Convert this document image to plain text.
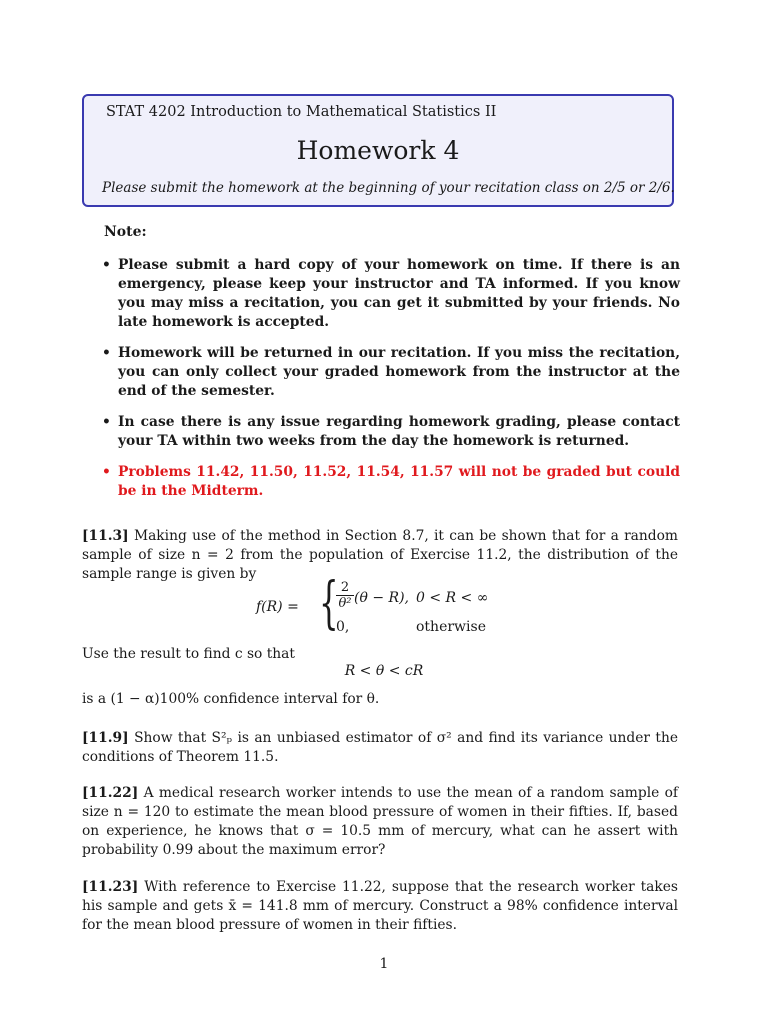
STAT 4202 Introduction to Mathematical Statistics II
Homework 4
Please submit the homework at the beginning of your recitation class on 2/5 or 2/6.
Note:
• Please submit a hard copy of your homework on time. If there is an emergency, please keep your instructor and TA informed. If you know you may miss a recitation, you can get it submitted by your friends. No late homework is accepted.
• Homework will be returned in our recitation. If you miss the recitation, you can only collect your graded homework from the instructor at the end of the semester.
• In case there is any issue regarding homework grading, please contact your TA within two weeks from the day the homework is returned.
• Problems 11.42, 11.50, 11.52, 11.54, 11.57 will not be graded but could be in the Midterm.
[11.3] Making use of the method in Section 8.7, it can be shown that for a random sample of size n = 2 from the population of Exercise 11.2, the distribution of the sample range is given by
f(R) = {
$\frac{2}{\text{θ²}} (\theta - R)$, 0 < R < ∞
0,	otherwise
Use the result to find c so that
R < θ < cR
is a (1 − α)100% confidence interval for θ.
[11.9] Show that S²ₚ is an unbiased estimator of σ² and find its variance under the conditions of Theorem 11.5.
[11.22] A medical research worker intends to use the mean of a random sample of size n = 120 to estimate the mean blood pressure of women in their fifties. If, based on experience, he knows that σ = 10.5 mm of mercury, what can he assert with probability 0.99 about the maximum error?
[11.23] With reference to Exercise 11.22, suppose that the research worker takes his sample and gets x̄ = 141.8 mm of mercury. Construct a 98% confidence interval for the mean blood pressure of women in their fifties.
1
